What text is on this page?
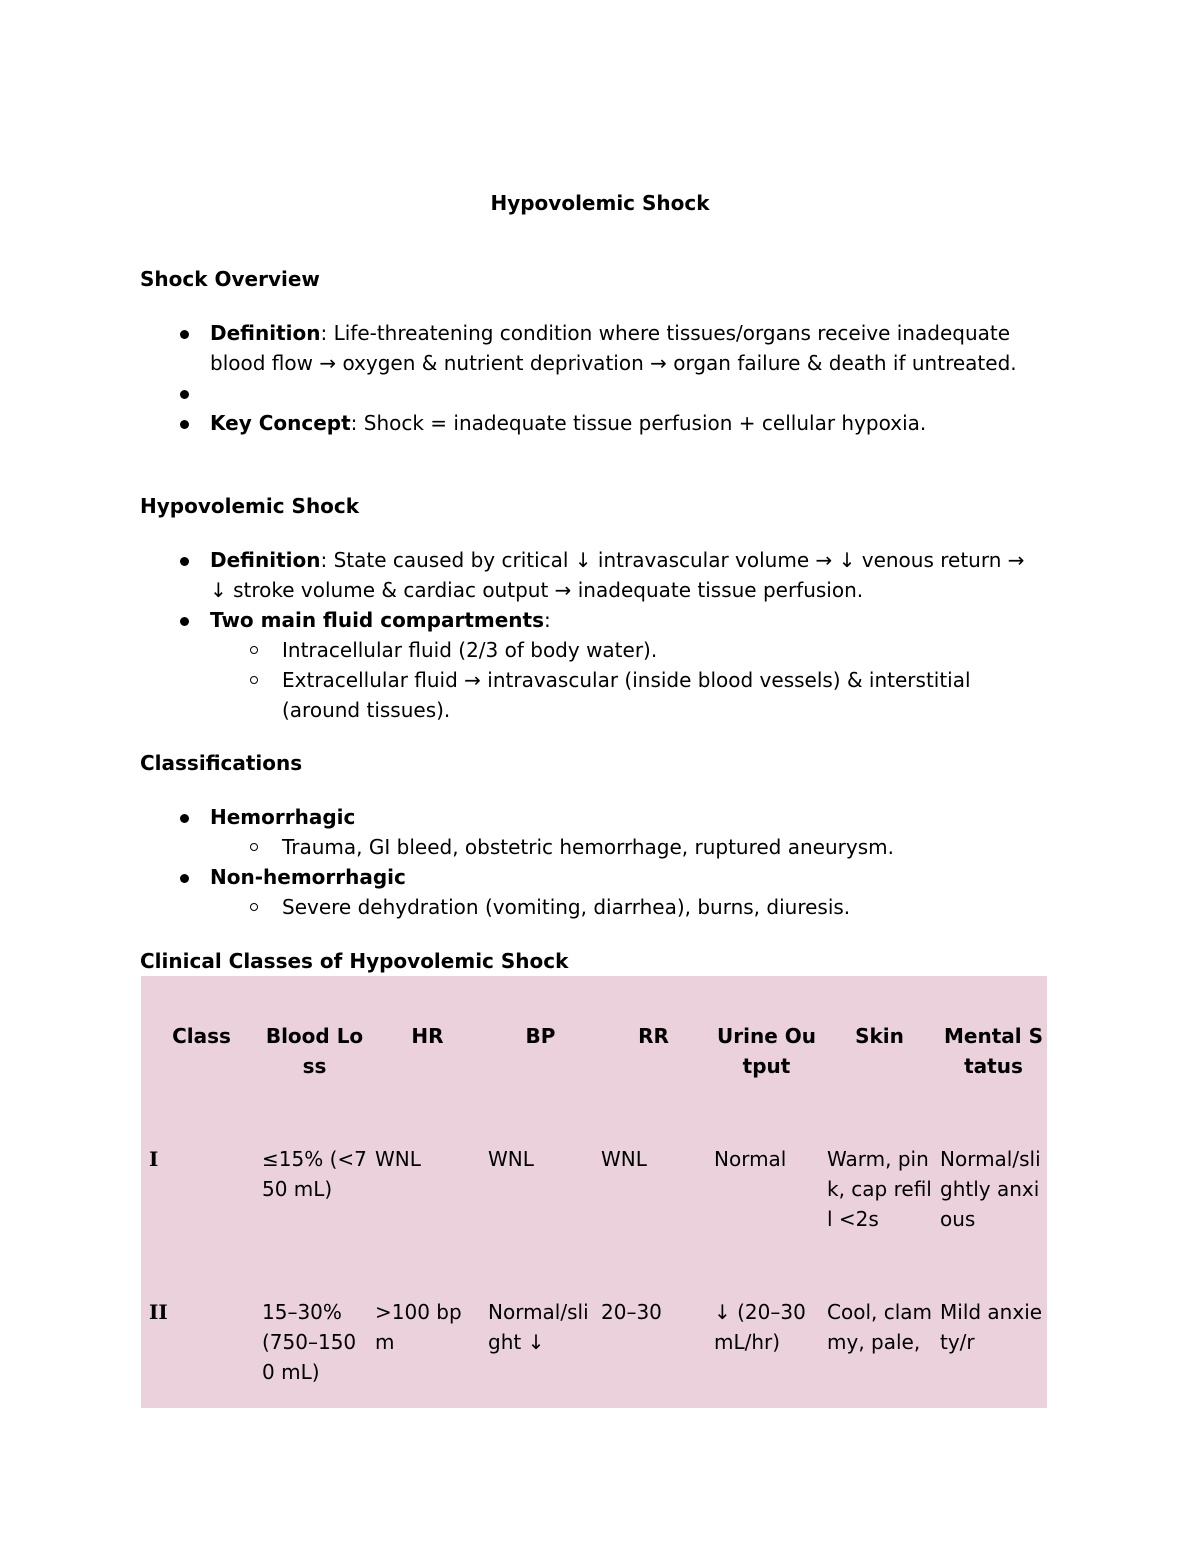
Hypovolemic Shock
Shock Overview
Definition: Life-threatening condition where tissues/organs receive inadequate blood flow → oxygen & nutrient deprivation → organ failure & death if untreated.
Key Concept: Shock = inadequate tissue perfusion + cellular hypoxia.
Hypovolemic Shock
Definition: State caused by critical ↓ intravascular volume → ↓ venous return → ↓ stroke volume & cardiac output → inadequate tissue perfusion.
Two main fluid compartments:
Intracellular fluid (2/3 of body water).
Extracellular fluid → intravascular (inside blood vessels) & interstitial (around tissues).
Classifications
Hemorrhagic
Trauma, GI bleed, obstetric hemorrhage, ruptured aneurysm.
Non-hemorrhagic
Severe dehydration (vomiting, diarrhea), burns, diuresis.
Clinical Classes of Hypovolemic Shock
Class	Blood Loss	HR	BP	RR	Urine Output	Skin	Mental Status
I	≤15% (<750 mL)	WNL	WNL	WNL	Normal	Warm, pink, cap refill <2s	Normal/slightly anxious
II	15–30% (750–1500 mL)	>100 bpm	Normal/slight ↓	20–30	↓ (20–30 mL/hr)	Cool, clammy, pale,	Mild anxiety/r
